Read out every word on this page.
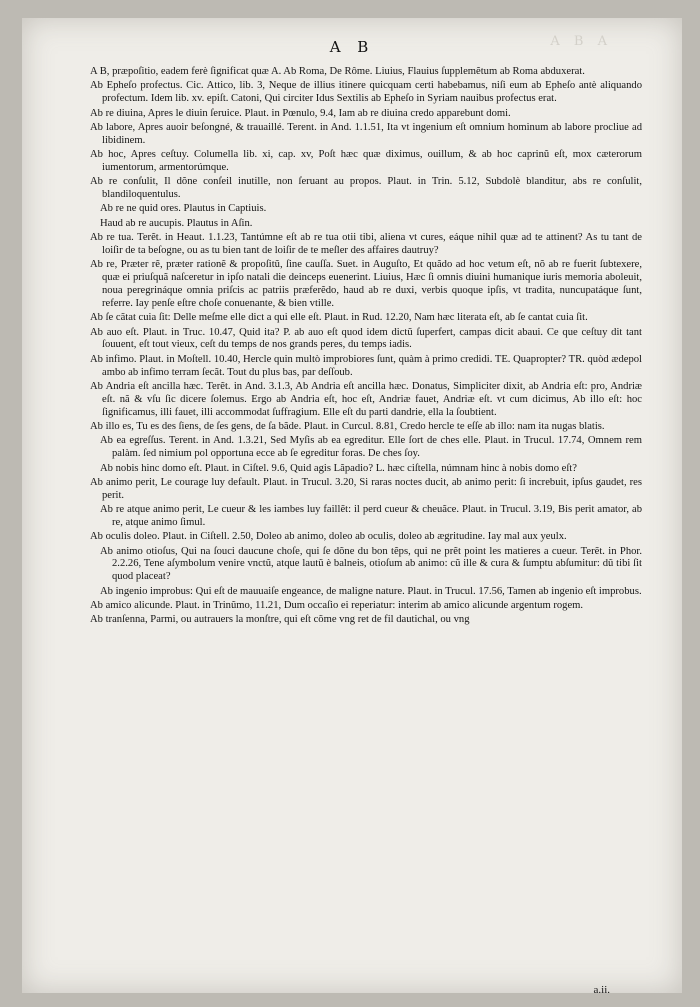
A B A
A B

A B, præpoſitio, eadem ferè ſignificat quæ A. Ab Roma, De Rôme. Liuius, Flauius ſupplemẽtum ab Roma abduxerat.

Ab Epheſo profectus. Cic. Attico, lib. 3, Neque de illius itinere quicquam certi habebamus, niſi eum ab Epheſo antè aliquando profectum. Idem lib. xv. epiſt. Catoni, Qui circiter Idus Sextilis ab Epheſo in Syriam nauibus profectus erat.

Ab re diuina, Apres le diuin ſeruice. Plaut. in Pœnulo, 9.4, Iam ab re diuina credo apparebunt domi.

Ab labore, Apres auoir beſongné, & trauaillé. Terent. in And. 1.1.51, Ita vt ingenium eſt omnium hominum ab labore procliue ad libidinem.

Ab hoc, Apres ceſtuy. Columella lib. xi, cap. xv, Poſt hæc quæ diximus, ouillum, & ab hoc caprinũ eſt, mox cæterorum iumentorum, armentorúmque.

Ab re conſulit, Il dõne conſeil inutille, non ſeruant au propos. Plaut. in Trin. 5.12, Subdolè blanditur, abs re conſulit, blandiloquentulus.

Ab re ne quid ores. Plautus in Captiuis.

Haud ab re aucupis. Plautus in Aſin.

Ab re tua. Terẽt. in Heaut. 1.1.23, Tantúmne eſt ab re tua otii tibi, aliena vt cures, eáque nihil quæ ad te attinent? As tu tant de loiſir de ta beſogne, ou as tu bien tant de loiſir de te meſler des affaires dautruy?

Ab re, Præter rẽ, præter rationẽ & propoſitũ, ſine cauſſa. Suet. in Auguſto, Et quãdo ad hoc vetum eſt, nõ ab re fuerit ſubtexere, quæ ei priuſquã naſceretur in ipſo natali die deinceps euenerint. Liuius, Hæc ſi omnis diuini humanique iuris memoria aboleuit, noua peregrináque omnia priſcis ac patriis præferẽdo, haud ab re duxi, verbis quoque ipſis, vt tradita, nuncupatáque ſunt, referre. Iay penſe eſtre choſe conuenante, & bien vtille.

Ab ſe cãtat cuia ſit: Delle meſme elle dict a qui elle eſt. Plaut. in Rud. 12.20, Nam hæc literata eſt, ab ſe cantat cuia ſit.

Ab auo eſt. Plaut. in Truc. 10.47, Quid ita? P. ab auo eſt quod idem dictũ ſuperfert, campas dicit abaui. Ce que ceſtuy dit tant ſouuent, eſt tout vieux, ceſt du temps de nos grands peres, du temps iadis.

Ab infimo. Plaut. in Moſtell. 10.40, Hercle quin multò improbiores ſunt, quàm à primo credidi. TE. Quapropter? TR. quòd ædepol ambo ab infimo terram ſecãt. Tout du plus bas, par deſſoub.

Ab Andria eſt ancilla hæc. Terẽt. in And. 3.1.3, Ab Andria eſt ancilla hæc. Donatus, Simpliciter dixit, ab Andria eſt: pro, Andriæ eſt. nã & vſu ſic dicere ſolemus. Ergo ab Andria eſt, hoc eſt, Andriæ fauet, Andriæ eſt. vt cum dicimus, Ab illo eſt: hoc ſignificamus, illi fauet, illi accommodat ſuffragium. Elle eſt du parti dandrie, ella la ſoubtient.

Ab illo es, Tu es des ſiens, de ſes gens, de ſa bãde. Plaut. in Curcul. 8.81, Credo hercle te eſſe ab illo: nam ita nugas blatis.

Ab ea egreſſus. Terent. in And. 1.3.21, Sed Myſis ab ea egreditur. Elle ſort de ches elle. Plaut. in Trucul. 17.74, Omnem rem palàm. ſed nimium pol opportuna ecce ab ſe egreditur foras. De ches ſoy.

Ab nobis hinc domo eſt. Plaut. in Ciſtel. 9.6, Quid agis Lãpadio? L. hæc ciſtella, númnam hinc à nobis domo eſt?

Ab animo perit, Le courage luy default. Plaut. in Trucul. 3.20, Si raras noctes ducit, ab animo perit: ſi increbuit, ipſus gaudet, res perit.

Ab re atque animo perit, Le cueur & les iambes luy faillẽt: il perd cueur & cheuãce. Plaut. in Trucul. 3.19, Bis perit amator, ab re, atque animo ſimul.

Ab oculis doleo. Plaut. in Ciſtell. 2.50, Doleo ab animo, doleo ab oculis, doleo ab ægritudine. Iay mal aux yeulx.

Ab animo otioſus, Qui na ſouci daucune choſe, qui ſe dõne du bon tẽps, qui ne prẽt point les matieres a cueur. Terẽt. in Phor. 2.2.26, Tene aſymbolum venire vnctũ, atque lautũ è balneis, otioſum ab animo: cũ ille & cura & ſumptu abſumitur: dũ tibi ſit quod placeat?

Ab ingenio improbus: Qui eſt de mauuaiſe engeance, de maligne nature. Plaut. in Trucul. 17.56, Tamen ab ingenio eſt improbus.

Ab amico alicunde. Plaut. in Trinũmo, 11.21, Dum occaſio ei reperiatur: interim ab amico alicunde argentum rogem.

Ab tranſenna, Parmi, ou autrauers la monſtre, qui eſt cõme vng ret de fil dautichal, ou vng

a.ii.
